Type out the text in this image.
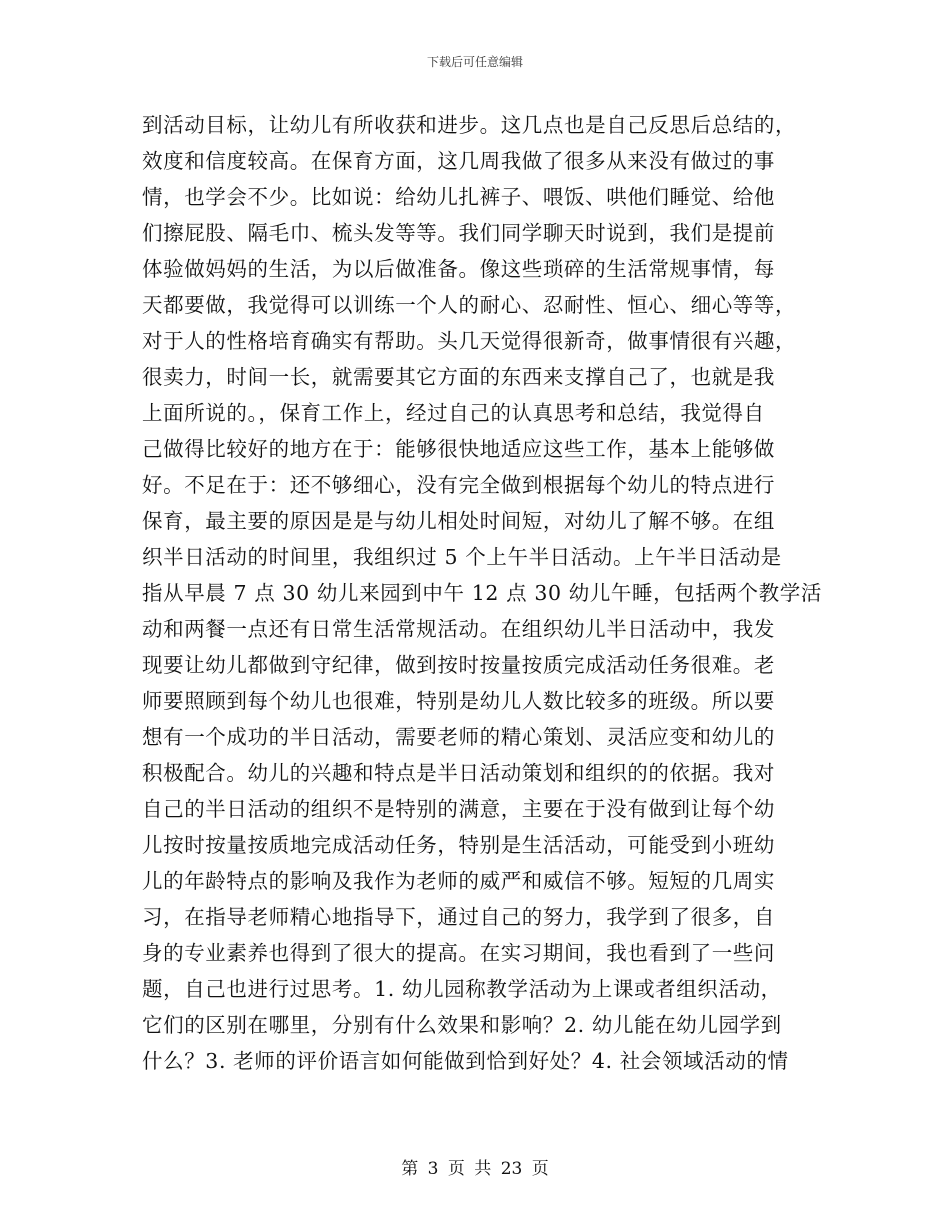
下载后可任意编辑
到活动目标，让幼儿有所收获和进步。这几点也是自己反思后总结的，
效度和信度较高。在保育方面，这几周我做了很多从来没有做过的事
情，也学会不少。比如说：给幼儿扎裤子、喂饭、哄他们睡觉、给他
们擦屁股、隔毛巾、梳头发等等。我们同学聊天时说到，我们是提前
体验做妈妈的生活，为以后做准备。像这些琐碎的生活常规事情，每
天都要做，我觉得可以训练一个人的耐心、忍耐性、恒心、细心等等，
对于人的性格培育确实有帮助。头几天觉得很新奇，做事情很有兴趣，
很卖力，时间一长，就需要其它方面的东西来支撑自己了，也就是我
上面所说的。，保育工作上，经过自己的认真思考和总结，我觉得自
己做得比较好的地方在于：能够很快地适应这些工作，基本上能够做
好。不足在于：还不够细心，没有完全做到根据每个幼儿的特点进行
保育，最主要的原因是是与幼儿相处时间短，对幼儿了解不够。在组
织半日活动的时间里，我组织过 5 个上午半日活动。上午半日活动是
指从早晨 7 点 30 幼儿来园到中午 12 点 30 幼儿午睡，包括两个教学活
动和两餐一点还有日常生活常规活动。在组织幼儿半日活动中，我发
现要让幼儿都做到守纪律，做到按时按量按质完成活动任务很难。老
师要照顾到每个幼儿也很难，特别是幼儿人数比较多的班级。所以要
想有一个成功的半日活动，需要老师的精心策划、灵活应变和幼儿的
积极配合。幼儿的兴趣和特点是半日活动策划和组织的的依据。我对
自己的半日活动的组织不是特别的满意，主要在于没有做到让每个幼
儿按时按量按质地完成活动任务，特别是生活活动，可能受到小班幼
儿的年龄特点的影响及我作为老师的威严和威信不够。短短的几周实
习，在指导老师精心地指导下，通过自己的努力，我学到了很多，自
身的专业素养也得到了很大的提高。在实习期间，我也看到了一些问
题，自己也进行过思考。1. 幼儿园称教学活动为上课或者组织活动，
它们的区别在哪里，分别有什么效果和影响？2. 幼儿能在幼儿园学到
什么？3. 老师的评价语言如何能做到恰到好处？4. 社会领域活动的情
第 3 页 共 23 页
